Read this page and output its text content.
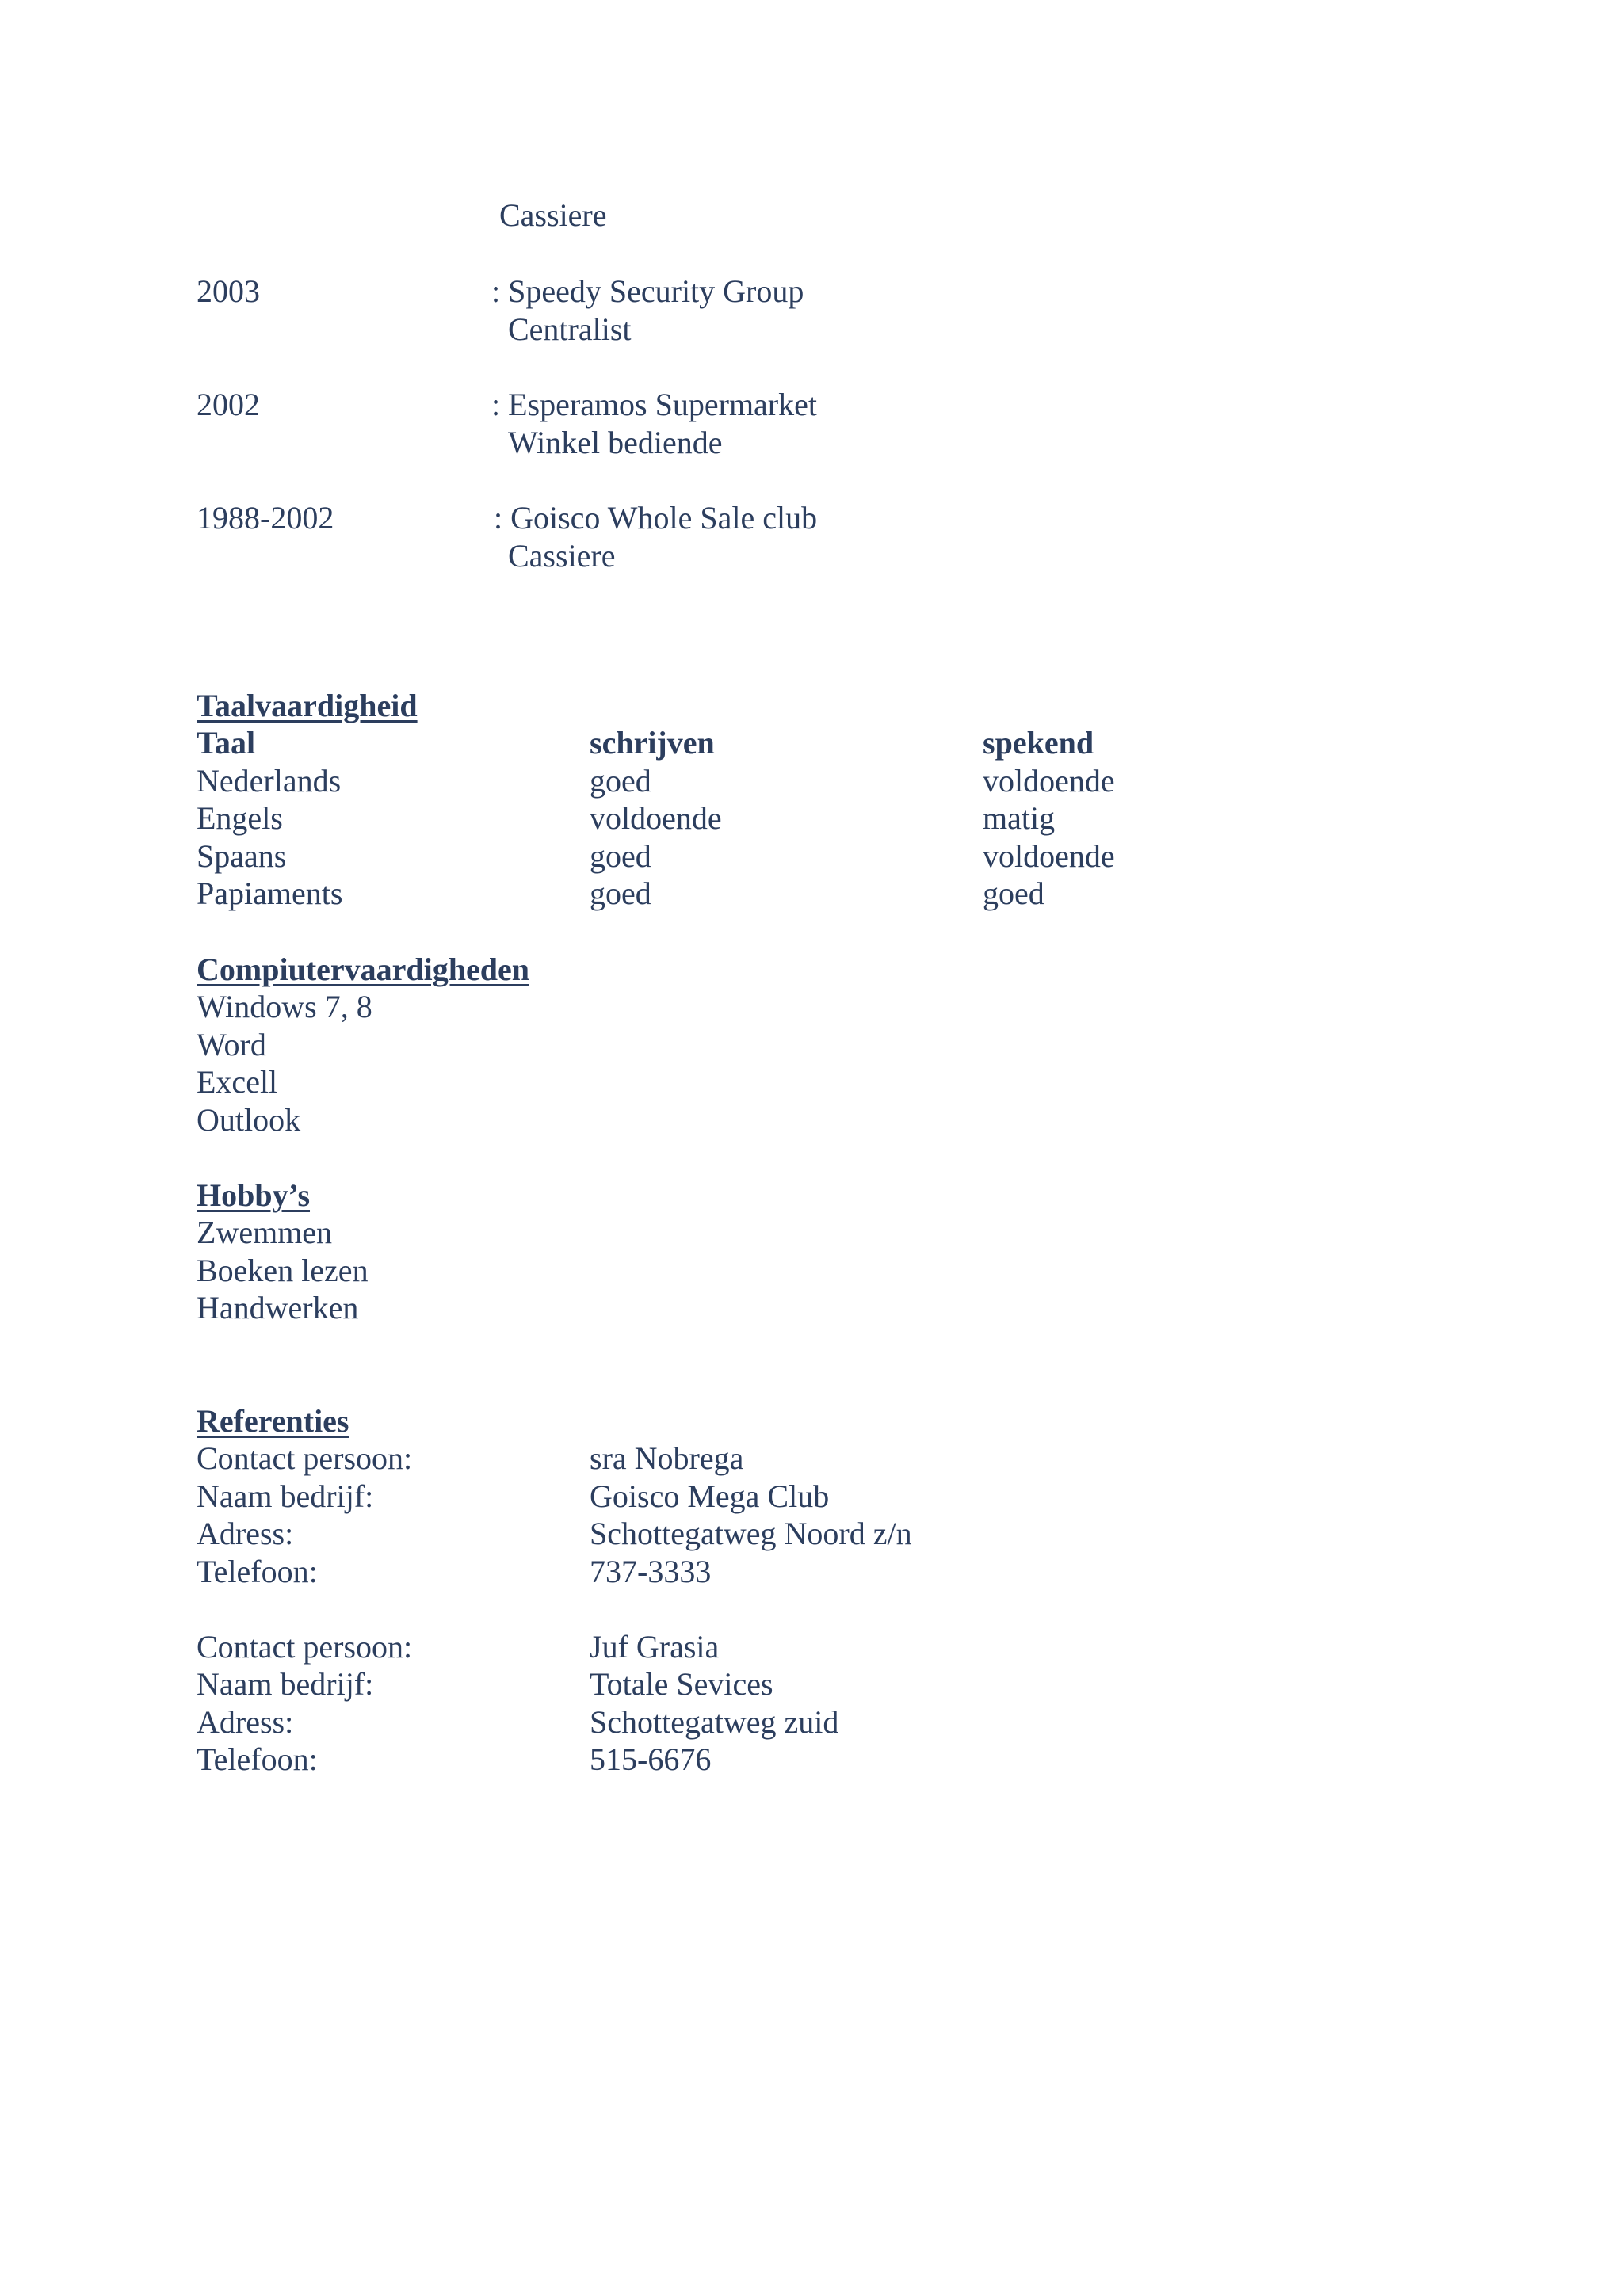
Cassiere
2003	: Speedy Security Group
Centralist
2002	: Esperamos Supermarket
Winkel bediende
1988-2002	: Goisco Whole Sale club
Cassiere
Taalvaardigheid
Taal	schrijven	spekend
Nederlands	goed	voldoende
Engels	voldoende	matig
Spaans	goed	voldoende
Papiaments	goed	goed
Compiutervaardigheden
Windows 7, 8
Word
Excell
Outlook
Hobby’s
Zwemmen
Boeken lezen
Handwerken
Referenties
Contact persoon:	sra Nobrega
Naam bedrijf:	Goisco Mega Club
Adress:	Schottegatweg Noord z/n
Telefoon:	737-3333
Contact persoon:	Juf Grasia
Naam bedrijf:	Totale Sevices
Adress:	Schottegatweg zuid
Telefoon:	515-6676
